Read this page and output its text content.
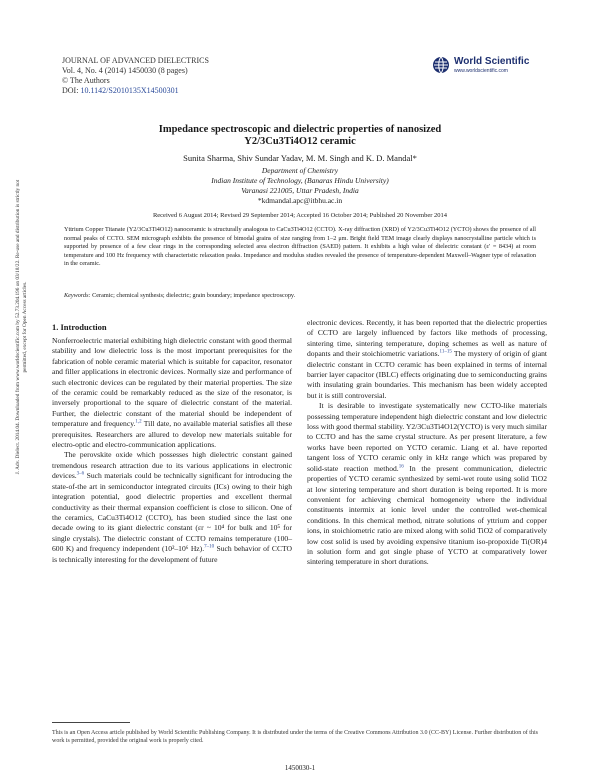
JOURNAL OF ADVANCED DIELECTRICS
Vol. 4, No. 4 (2014) 1450030 (8 pages)
© The Authors
DOI: 10.1142/S2010135X14500301
World Scientific
www.worldscientific.com
Impedance spectroscopic and dielectric properties of nanosized
Y2/3Cu3Ti4O12 ceramic
Sunita Sharma, Shiv Sundar Yadav, M. M. Singh and K. D. Mandal*
Department of Chemistry
Indian Institute of Technology, (Banaras Hindu University)
Varanasi 221005, Uttar Pradesh, India
*kdmandal.apc@itbhu.ac.in
Received 6 August 2014; Revised 29 September 2014; Accepted 16 October 2014; Published 20 November 2014
Yttrium Copper Titanate (Y2/3Cu3Ti4O12) nanoceramic is structurally analogous to CaCu3Ti4O12 (CCTO). X-ray diffraction (XRD) of Y2/3Cu3Ti4O12 (YCTO) shows the presence of all normal peaks of CCTO. SEM micrograph exhibits the presence of bimodal grains of size ranging from 1–2 μm. Bright field TEM image clearly displays nanocrystalline particle which is supported by presence of a few clear rings in the corresponding selected area electron diffraction (SAED) pattern. It exhibits a high value of dielectric constant (ε′ = 8434) at room temperature and 100 Hz frequency with characteristic relaxation peaks. Impedance and modulus studies revealed the presence of temperature-dependent Maxwell–Wagner type of relaxation in the ceramic.
Keywords: Ceramic; chemical synthesis; dielectric; grain boundary; impedance spectroscopy.
J. Adv. Dielect. 2014.04. Downloaded from www.worldscientific.com by 52.73.204.196 on 03/18/22. Re-use and distribution is strictly not permitted, except for Open Access articles.	1. Introduction

Nonferroelectric material exhibiting high dielectric constant with good thermal stability and low dielectric loss is the most important prerequisites for the fabrication of noble ceramic material which is suitable for capacitor, resonator and filler applications in electronic devices. Normally size and performance of such electronic devices can be regulated by their material properties. The size of the ceramic could be remarkably reduced as the size of the resonator, is inversely proportional to the square of dielectric constant of the material. Further, the dielectric constant of the material should be independent of temperature and frequency.$^{1,2}$ Till date, no available material satisfies all these prerequisites. Researchers are allured to develop new materials suitable for electro-optic and electro-communication applications.

The perovskite oxide which possesses high dielectric constant gained tremendous research attraction due to its various applications in electronic devices.$^{3-6}$ Such materials could be technically significant for introducing the state-of-the art in semiconductor integrated circuits (ICs) owing to their high integration potential, good dielectric properties and excellent thermal conductivity as their thermal expansion coefficient is close to silicon. One of the ceramics, CaCu3Ti4O12 (CCTO), has been studied since the last one decade owing to its giant dielectric constant (εr ~ 10⁴ for bulk and 10⁵ for single crystals). The dielectric constant of CCTO remains temperature (100–600 K) and frequency independent (10²–10⁶ Hz).$^{7-10}$ Such behavior of CCTO is technically interesting for the development of future

electronic devices. Recently, it has been reported that the dielectric properties of CCTO are largely influenced by factors like methods of processing, sintering time, sintering temperature, doping schemes as well as nature of dopants and their stoichiometric variations.$^{11-15}$ The mystery of origin of giant dielectric constant in CCTO ceramic has been explained in terms of internal barrier layer capacitor (IBLC) effects originating due to semiconducting grains with insulating grain boundaries. This mechanism has been widely accepted but it is still controversial.

It is desirable to investigate systematically new CCTO-like materials possessing temperature independent high dielectric constant and low dielectric loss with good thermal stability. Y2/3Cu3Ti4O12(YCTO) is very much similar to CCTO and has the same crystal structure. As per present literature, a few works have been reported on YCTO ceramic. Liang et al. have reported tangent loss of YCTO ceramic only in kHz range which was prepared by solid-state reaction method.$^{16}$ In the present communication, dielectric properties of YCTO ceramic synthesized by semi-wet route using solid TiO2 at low sintering temperature and short duration is being reported. It is more convenient for achieving chemical homogeneity where the individual constituents intermix at ionic level under the controlled wet-chemical conditions. In this chemical method, nitrate solutions of yttrium and copper ions, in stoichiometric ratio are mixed along with solid TiO2 of comparatively low cost solid is used by avoiding expensive titanium iso-propoxide Ti(OR)4 in solution form and got single phase of YCTO at comparatively lower sintering temperature in short durations.

This is an Open Access article published by World Scientific Publishing Company. It is distributed under the terms of the Creative Commons Attribution 3.0 (CC-BY) License. Further distribution of this work is permitted, provided the original work is properly cited.
1450030-1
